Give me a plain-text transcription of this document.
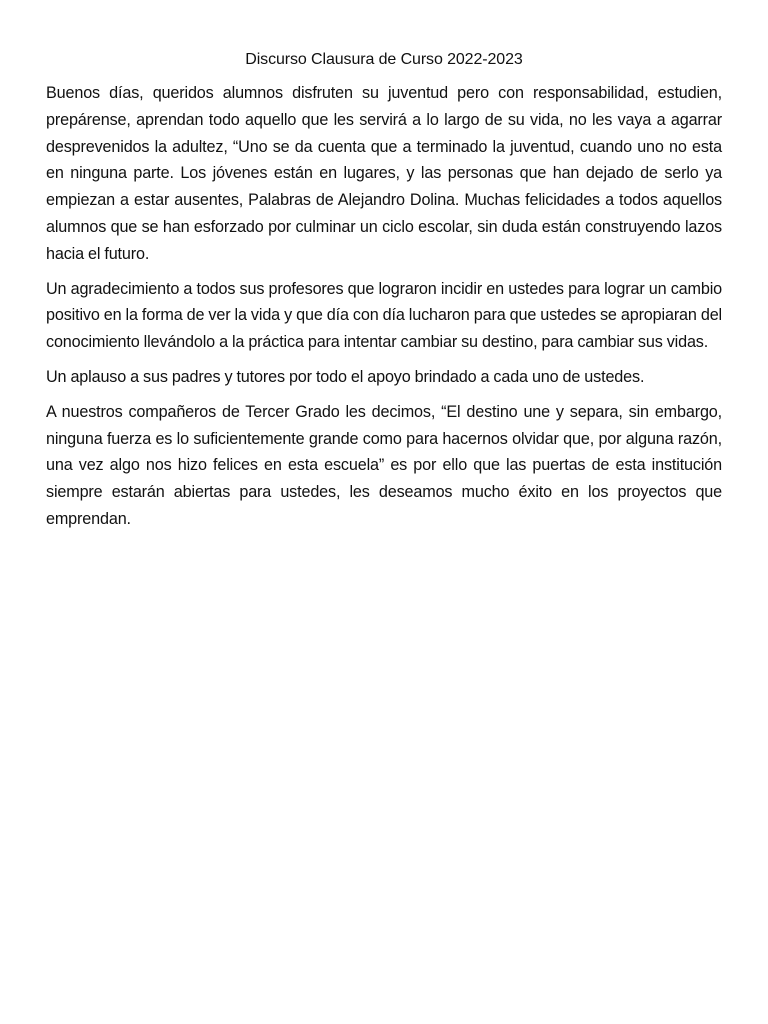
Discurso Clausura de Curso 2022-2023

Buenos días, queridos alumnos disfruten su juventud pero con responsabilidad, estudien, prepárense, aprendan todo aquello que les servirá a lo largo de su vida, no les vaya a agarrar desprevenidos la adultez, “Uno se da cuenta que a terminado la juventud, cuando uno no esta en ninguna parte. Los jóvenes están en lugares, y las personas que han dejado de serlo ya empiezan a estar ausentes, Palabras de Alejandro Dolina. Muchas felicidades a todos aquellos alumnos que se han esforzado por culminar un ciclo escolar, sin duda están construyendo lazos hacia el futuro.

Un agradecimiento a todos sus profesores que lograron incidir en ustedes para lograr un cambio positivo en la forma de ver la vida y que día con día lucharon para que ustedes se apropiaran del conocimiento llevándolo a la práctica para intentar cambiar su destino, para cambiar sus vidas.

Un aplauso a sus padres y tutores por todo el apoyo brindado a cada uno de ustedes.

A nuestros compañeros de Tercer Grado les decimos, “El destino une y separa, sin embargo, ninguna fuerza es lo suficientemente grande como para hacernos olvidar que, por alguna razón, una vez algo nos hizo felices en esta escuela” es por ello que las puertas de esta institución siempre estarán abiertas para ustedes, les deseamos mucho éxito en los proyectos que emprendan.
